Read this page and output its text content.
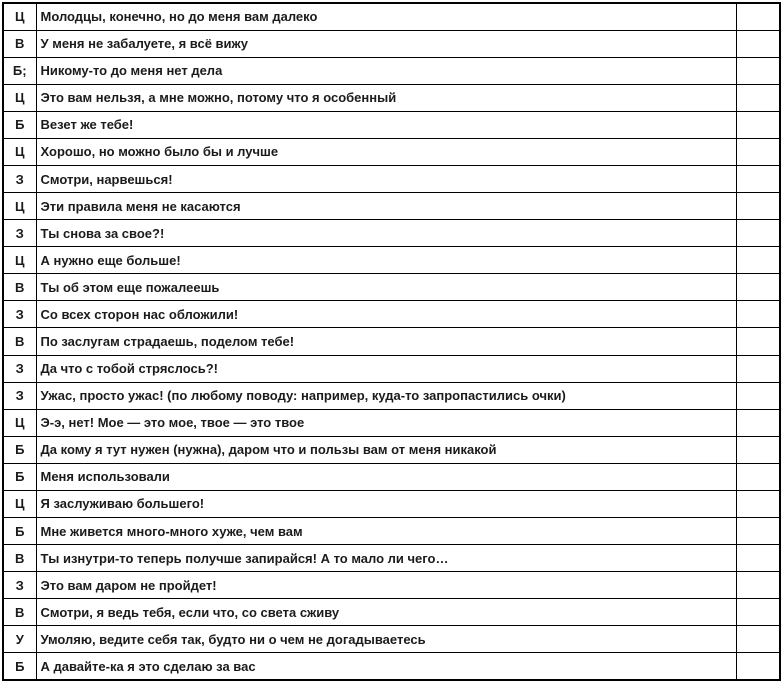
Ц	Молодцы, конечно, но до меня вам далеко	
В	У меня не забалуете, я всё вижу	
Б;	Никому-то до меня нет дела	
Ц	Это вам нельзя, а мне можно, потому что я особенный	
Б	Везет же тебе!	
Ц	Хорошо, но можно было бы и лучше	
З	Смотри, нарвешься!	
Ц	Эти правила меня не касаются	
З	Ты снова за свое?!	
Ц	А нужно еще больше!	
В	Ты об этом еще пожалеешь	
З	Со всех сторон нас обложили!	
В	По заслугам страдаешь, поделом тебе!	
З	Да что с тобой стряслось?!	
З	Ужас, просто ужас! (по любому поводу: например, куда-то запропастились очки)	
Ц	Э-э, нет! Мое — это мое, твое — это твое	
Б	Да кому я тут нужен (нужна), даром что и пользы вам от меня никакой	
Б	Меня использовали	
Ц	Я заслуживаю большего!	
Б	Мне живется много-много хуже, чем вам	
В	Ты изнутри-то теперь получше запирайся! А то мало ли чего…	
З	Это вам даром не пройдет!	
В	Смотри, я ведь тебя, если что, со света сживу	
У	Умоляю, ведите себя так, будто ни о чем не догадываетесь	
Б	А давайте-ка я это сделаю за вас	
